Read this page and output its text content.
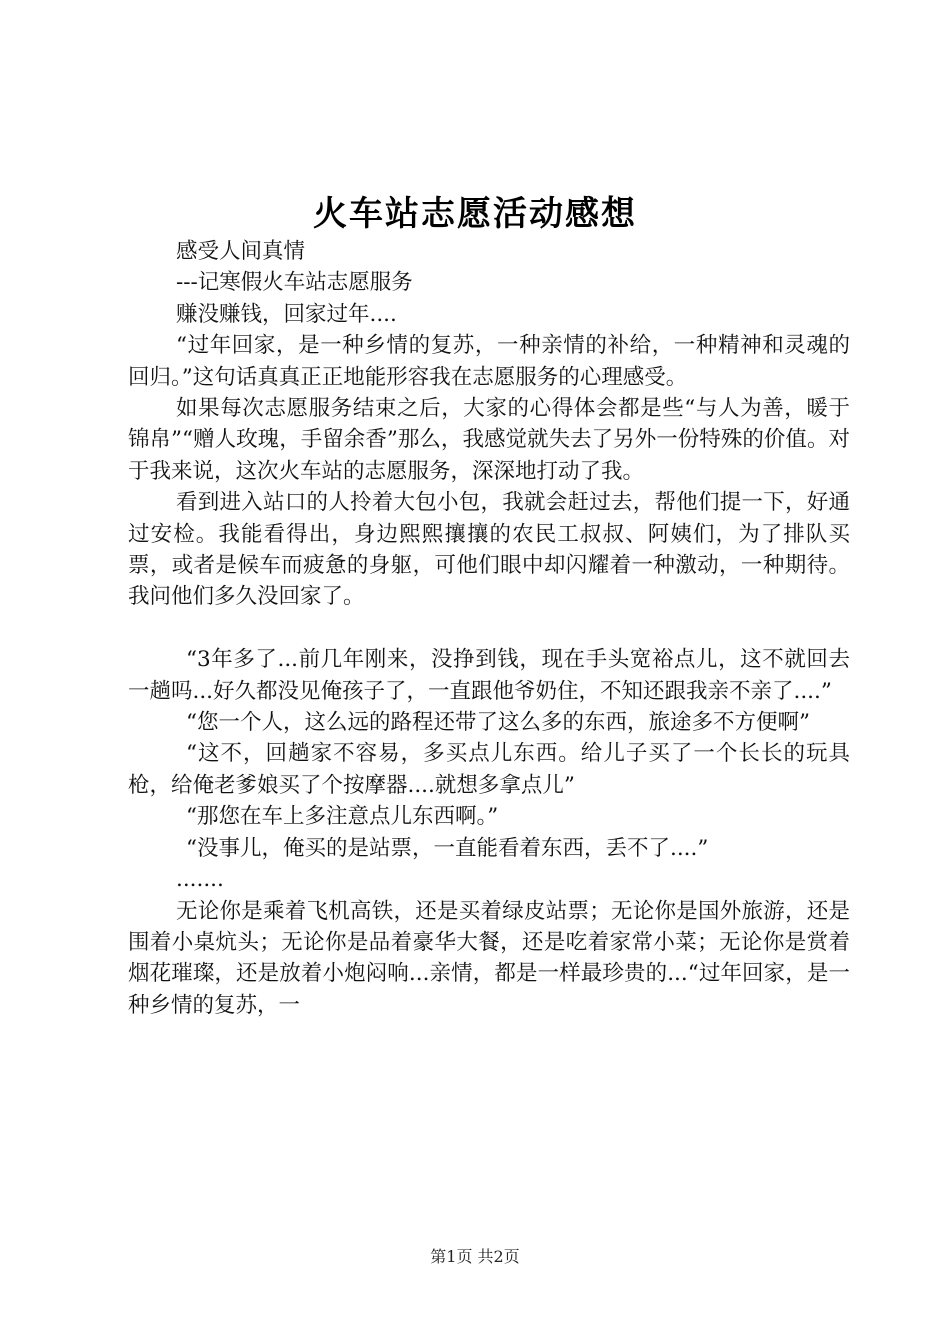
火车站志愿活动感想

感受人间真情

---记寒假火车站志愿服务

赚没赚钱，回家过年....

“过年回家，是一种乡情的复苏，一种亲情的补给，一种精神和灵魂的回归。”这句话真真正正地能形容我在志愿服务的心理感受。

如果每次志愿服务结束之后，大家的心得体会都是些“与人为善，暖于锦帛”“赠人玫瑰，手留余香”那么，我感觉就失去了另外一份特殊的价值。对于我来说，这次火车站的志愿服务，深深地打动了我。

看到进入站口的人拎着大包小包，我就会赶过去，帮他们提一下，好通过安检。我能看得出，身边熙熙攘攘的农民工叔叔、阿姨们，为了排队买票，或者是候车而疲惫的身躯，可他们眼中却闪耀着一种激动，一种期待。我问他们多久没回家了。

“3年多了...前几年刚来，没挣到钱，现在手头宽裕点儿，这不就回去一趟吗...好久都没见俺孩子了，一直跟他爷奶住，不知还跟我亲不亲了....”

“您一个人，这么远的路程还带了这么多的东西，旅途多不方便啊”

“这不，回趟家不容易，多买点儿东西。给儿子买了一个长长的玩具枪，给俺老爹娘买了个按摩器....就想多拿点儿”

“那您在车上多注意点儿东西啊。”

“没事儿，俺买的是站票，一直能看着东西，丢不了....”

.......

无论你是乘着飞机高铁，还是买着绿皮站票；无论你是国外旅游，还是围着小桌炕头；无论你是品着豪华大餐，还是吃着家常小菜；无论你是赏着烟花璀璨，还是放着小炮闷响...亲情，都是一样最珍贵的...“过年回家，是一种乡情的复苏，一

第1页 共2页
